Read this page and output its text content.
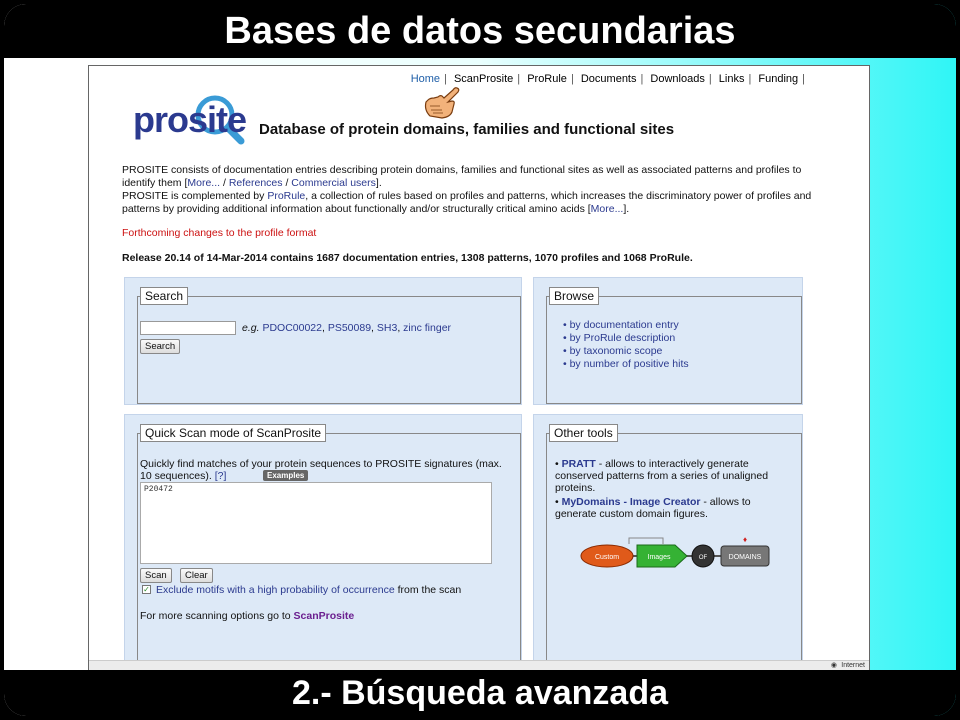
Bases de datos secundarias
Home | ScanProsite | ProRule | Documents | Downloads | Links | Funding |
prosite Database of protein domains, families and functional sites
PROSITE consists of documentation entries describing protein domains, families and functional sites as well as associated patterns and profiles to identify them [More... / References / Commercial users].
PROSITE is complemented by ProRule, a collection of rules based on profiles and patterns, which increases the discriminatory power of profiles and patterns by providing additional information about functionally and/or structurally critical amino acids [More...].
Forthcoming changes to the profile format
Release 20.14 of 14-Mar-2014 contains 1687 documentation entries, 1308 patterns, 1070 profiles and 1068 ProRule.
Search
e.g. PDOC00022, PS50089, SH3, zinc finger
Search
Browse
• by documentation entry
• by ProRule description
• by taxonomic scope
• by number of positive hits
Quick Scan mode of ScanProsite
Quickly find matches of your protein sequences to PROSITE signatures (max. 10 sequences). [?]	Examples
P20472
Scan	Clear
✓ Exclude motifs with a high probability of occurrence from the scan
For more scanning options go to ScanProsite
Other tools
• PRATT - allows to interactively generate conserved patterns from a series of unaligned proteins.
• MyDomains - Image Creator - allows to generate custom domain figures.
♦
Custom	Images	OF	DOMAINS
◉ Internet
2.- Búsqueda avanzada
